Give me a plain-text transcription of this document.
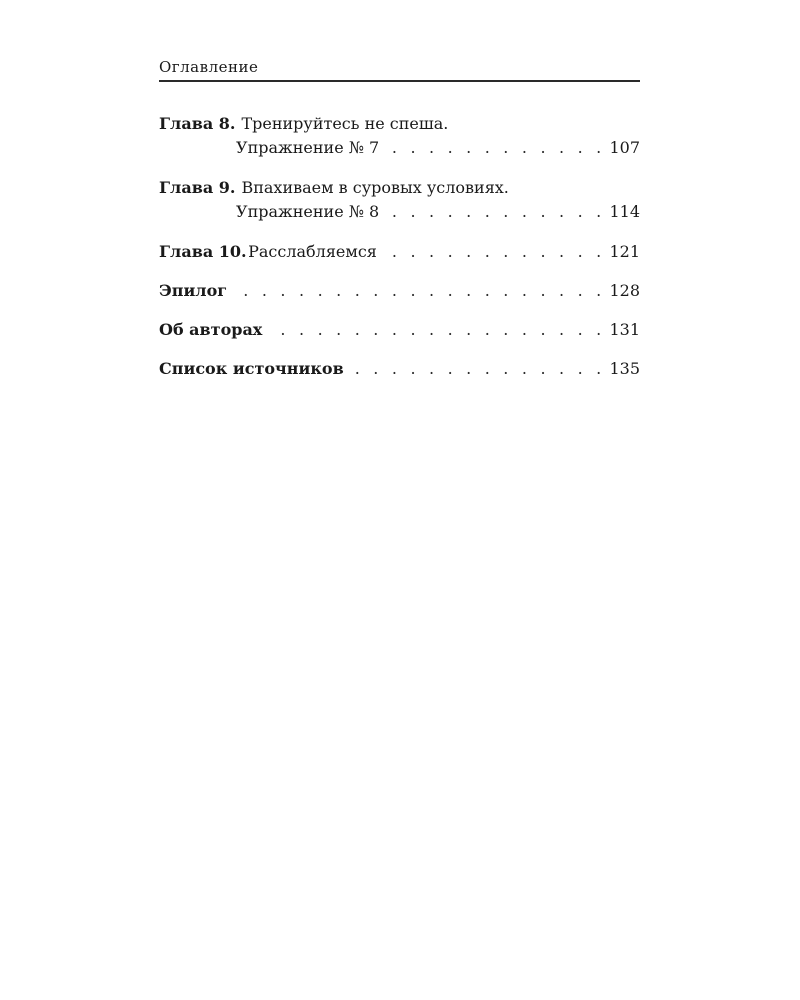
Оглавление
Глава 8. Тренируйтесь не спеша.
Упражнение № 7 . . .	107
Глава 9. Впахиваем в суровых условиях.
Упражнение № 8 . . .	114
Глава 10. Расслабляемся . . .	121
Эпилог . . .	128
Об авторах . . .	131
Список источников . . .	135
